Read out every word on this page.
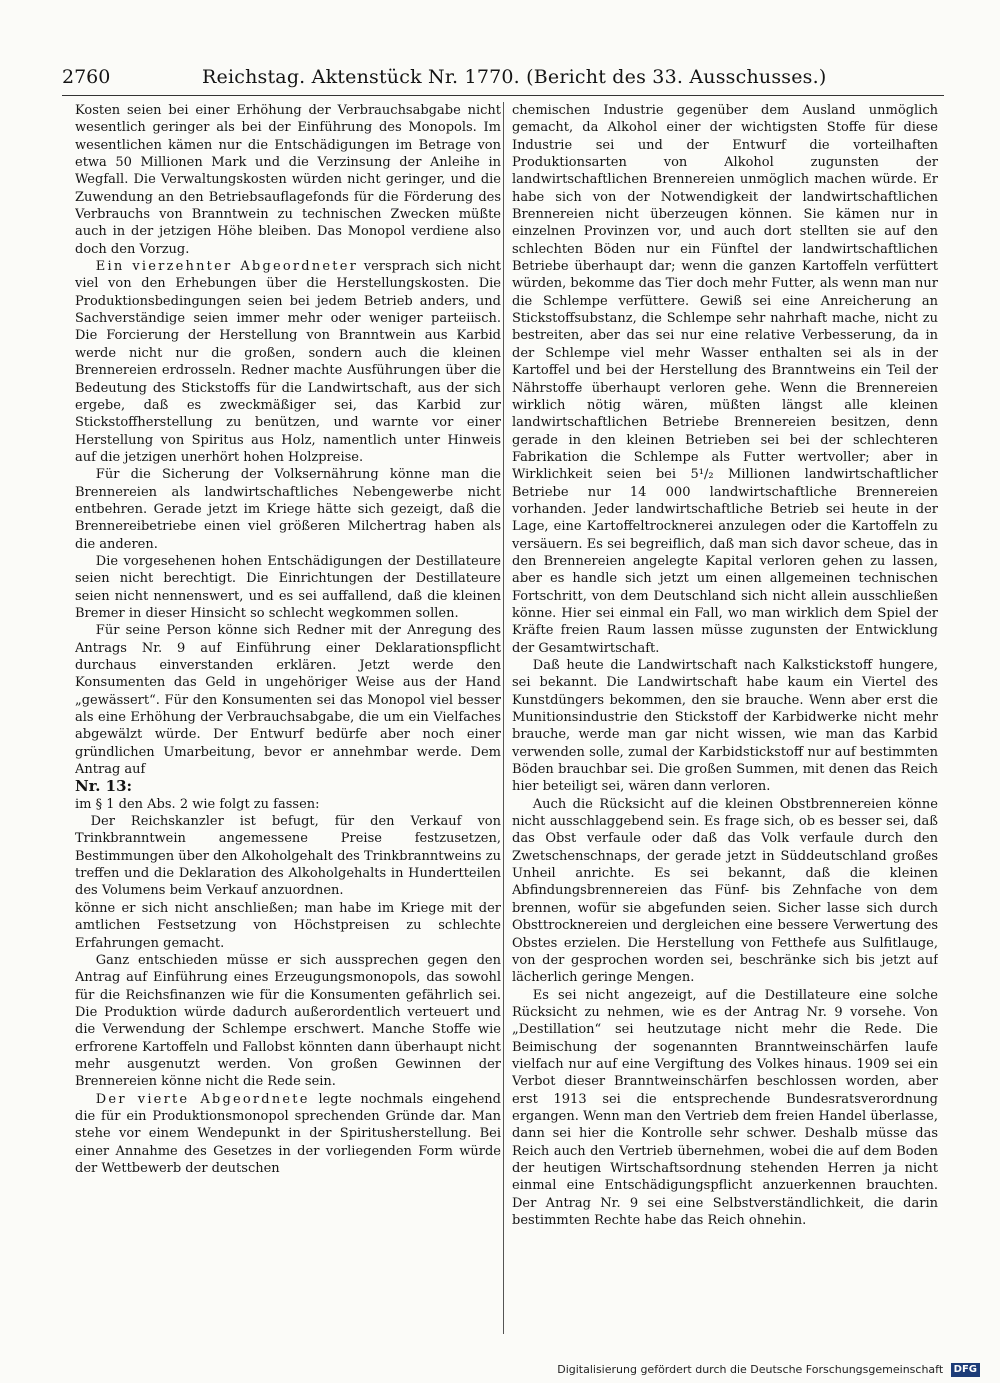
2760	Reichstag. Aktenstück Nr. 1770. (Bericht des 33. Ausschusses.)

Kosten seien bei einer Erhöhung der Verbrauchsabgabe nicht wesentlich geringer als bei der Einführung des Monopols. Im wesentlichen kämen nur die Entschädigungen im Betrage von etwa 50 Millionen Mark und die Verzinsung der Anleihe in Wegfall. Die Verwaltungskosten würden nicht geringer, und die Zuwendung an den Betriebsauflagefonds für die Förderung des Verbrauchs von Branntwein zu technischen Zwecken müßte auch in der jetzigen Höhe bleiben. Das Monopol verdiene also doch den Vorzug.

Ein vierzehnter Abgeordneter versprach sich nicht viel von den Erhebungen über die Herstellungskosten. Die Produktionsbedingungen seien bei jedem Betrieb anders, und Sachverständige seien immer mehr oder weniger parteiisch. Die Forcierung der Herstellung von Branntwein aus Karbid werde nicht nur die großen, sondern auch die kleinen Brennereien erdrosseln. Redner machte Ausführungen über die Bedeutung des Stickstoffs für die Landwirtschaft, aus der sich ergebe, daß es zweckmäßiger sei, das Karbid zur Stickstoffherstellung zu benützen, und warnte vor einer Herstellung von Spiritus aus Holz, namentlich unter Hinweis auf die jetzigen unerhört hohen Holzpreise.

Für die Sicherung der Volksernährung könne man die Brennereien als landwirtschaftliches Nebengewerbe nicht entbehren. Gerade jetzt im Kriege hätte sich gezeigt, daß die Brennereibetriebe einen viel größeren Milchertrag haben als die anderen.

Die vorgesehenen hohen Entschädigungen der Destillateure seien nicht berechtigt. Die Einrichtungen der Destillateure seien nicht nennenswert, und es sei auffallend, daß die kleinen Bremer in dieser Hinsicht so schlecht wegkommen sollen.

Für seine Person könne sich Redner mit der Anregung des Antrags Nr. 9 auf Einführung einer Deklarationspflicht durchaus einverstanden erklären. Jetzt werde den Konsumenten das Geld in ungehöriger Weise aus der Hand „gewässert“. Für den Konsumenten sei das Monopol viel besser als eine Erhöhung der Verbrauchsabgabe, die um ein Vielfaches abgewälzt würde. Der Entwurf bedürfe aber noch einer gründlichen Umarbeitung, bevor er annehmbar werde. Dem Antrag auf

Nr. 13:

im § 1 den Abs. 2 wie folgt zu fassen:

Der Reichskanzler ist befugt, für den Verkauf von Trinkbranntwein angemessene Preise festzusetzen, Bestimmungen über den Alkoholgehalt des Trinkbranntweins zu treffen und die Deklaration des Alkoholgehalts in Hundertteilen des Volumens beim Verkauf anzuordnen.

könne er sich nicht anschließen; man habe im Kriege mit der amtlichen Festsetzung von Höchstpreisen zu schlechte Erfahrungen gemacht.

Ganz entschieden müsse er sich aussprechen gegen den Antrag auf Einführung eines Erzeugungsmonopols, das sowohl für die Reichsfinanzen wie für die Konsumenten gefährlich sei. Die Produktion würde dadurch außerordentlich verteuert und die Verwendung der Schlempe erschwert. Manche Stoffe wie erfrorene Kartoffeln und Fallobst könnten dann überhaupt nicht mehr ausgenutzt werden. Von großen Gewinnen der Brennereien könne nicht die Rede sein.

Der vierte Abgeordnete legte nochmals eingehend die für ein Produktionsmonopol sprechenden Gründe dar. Man stehe vor einem Wendepunkt in der Spiritusherstellung. Bei einer Annahme des Gesetzes in der vorliegenden Form würde der Wettbewerb der deutschen

chemischen Industrie gegenüber dem Ausland unmöglich gemacht, da Alkohol einer der wichtigsten Stoffe für diese Industrie sei und der Entwurf die vorteilhaften Produktionsarten von Alkohol zugunsten der landwirtschaftlichen Brennereien unmöglich machen würde. Er habe sich von der Notwendigkeit der landwirtschaftlichen Brennereien nicht überzeugen können. Sie kämen nur in einzelnen Provinzen vor, und auch dort stellten sie auf den schlechten Böden nur ein Fünftel der landwirtschaftlichen Betriebe überhaupt dar; wenn die ganzen Kartoffeln verfüttert würden, bekomme das Tier doch mehr Futter, als wenn man nur die Schlempe verfüttere. Gewiß sei eine Anreicherung an Stickstoffsubstanz, die Schlempe sehr nahrhaft mache, nicht zu bestreiten, aber das sei nur eine relative Verbesserung, da in der Schlempe viel mehr Wasser enthalten sei als in der Kartoffel und bei der Herstellung des Branntweins ein Teil der Nährstoffe überhaupt verloren gehe. Wenn die Brennereien wirklich nötig wären, müßten längst alle kleinen landwirtschaftlichen Betriebe Brennereien besitzen, denn gerade in den kleinen Betrieben sei bei der schlechteren Fabrikation die Schlempe als Futter wertvoller; aber in Wirklichkeit seien bei 5¹/₂ Millionen landwirtschaftlicher Betriebe nur 14 000 landwirtschaftliche Brennereien vorhanden. Jeder landwirtschaftliche Betrieb sei heute in der Lage, eine Kartoffeltrocknerei anzulegen oder die Kartoffeln zu versäuern. Es sei begreiflich, daß man sich davor scheue, das in den Brennereien angelegte Kapital verloren gehen zu lassen, aber es handle sich jetzt um einen allgemeinen technischen Fortschritt, von dem Deutschland sich nicht allein ausschließen könne. Hier sei einmal ein Fall, wo man wirklich dem Spiel der Kräfte freien Raum lassen müsse zugunsten der Entwicklung der Gesamtwirtschaft.

Daß heute die Landwirtschaft nach Kalkstickstoff hungere, sei bekannt. Die Landwirtschaft habe kaum ein Viertel des Kunstdüngers bekommen, den sie brauche. Wenn aber erst die Munitionsindustrie den Stickstoff der Karbidwerke nicht mehr brauche, werde man gar nicht wissen, wie man das Karbid verwenden solle, zumal der Karbidstickstoff nur auf bestimmten Böden brauchbar sei. Die großen Summen, mit denen das Reich hier beteiligt sei, wären dann verloren.

Auch die Rücksicht auf die kleinen Obstbrennereien könne nicht ausschlaggebend sein. Es frage sich, ob es besser sei, daß das Obst verfaule oder daß das Volk verfaule durch den Zwetschenschnaps, der gerade jetzt in Süddeutschland großes Unheil anrichte. Es sei bekannt, daß die kleinen Abfindungsbrennereien das Fünf- bis Zehnfache von dem brennen, wofür sie abgefunden seien. Sicher lasse sich durch Obsttrocknereien und dergleichen eine bessere Verwertung des Obstes erzielen. Die Herstellung von Fetthefe aus Sulfitlauge, von der gesprochen worden sei, beschränke sich bis jetzt auf lächerlich geringe Mengen.

Es sei nicht angezeigt, auf die Destillateure eine solche Rücksicht zu nehmen, wie es der Antrag Nr. 9 vorsehe. Von „Destillation“ sei heutzutage nicht mehr die Rede. Die Beimischung der sogenannten Branntweinschärfen laufe vielfach nur auf eine Vergiftung des Volkes hinaus. 1909 sei ein Verbot dieser Branntweinschärfen beschlossen worden, aber erst 1913 sei die entsprechende Bundesratsverordnung ergangen. Wenn man den Vertrieb dem freien Handel überlasse, dann sei hier die Kontrolle sehr schwer. Deshalb müsse das Reich auch den Vertrieb übernehmen, wobei die auf dem Boden der heutigen Wirtschaftsordnung stehenden Herren ja nicht einmal eine Entschädigungspflicht anzuerkennen brauchten. Der Antrag Nr. 9 sei eine Selbstverständlichkeit, die darin bestimmten Rechte habe das Reich ohnehin.

Digitalisierung gefördert durch die Deutsche Forschungsgemeinschaft DFG
